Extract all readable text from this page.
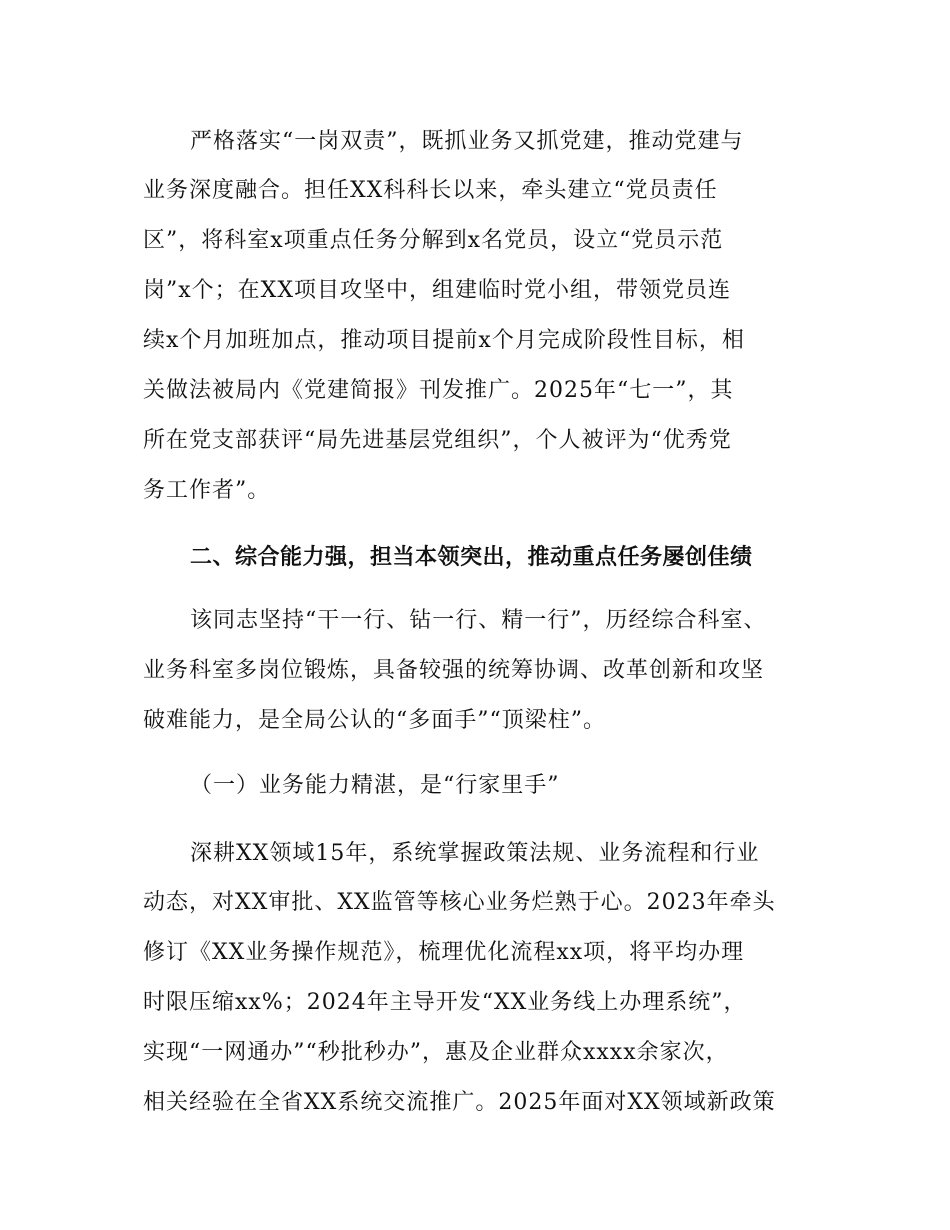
严格落实“一岗双责”，既抓业务又抓党建，推动党建与
业务深度融合。担任XX科科长以来，牵头建立“党员责任
区”，将科室x项重点任务分解到x名党员，设立“党员示范
岗”x个；在XX项目攻坚中，组建临时党小组，带领党员连
续x个月加班加点，推动项目提前x个月完成阶段性目标，相
关做法被局内《党建简报》刊发推广。2025年“七一”，其
所在党支部获评“局先进基层党组织”，个人被评为“优秀党
务工作者”。
二、综合能力强，担当本领突出，推动重点任务屡创佳绩
该同志坚持“干一行、钻一行、精一行”，历经综合科室、
业务科室多岗位锻炼，具备较强的统筹协调、改革创新和攻坚
破难能力，是全局公认的“多面手”“顶梁柱”。
（一）业务能力精湛，是“行家里手”
深耕XX领域15年，系统掌握政策法规、业务流程和行业
动态，对XX审批、XX监管等核心业务烂熟于心。2023年牵头
修订《XX业务操作规范》，梳理优化流程xx项，将平均办理
时限压缩xx%；2024年主导开发“XX业务线上办理系统”，
实现“一网通办”“秒批秒办”，惠及企业群众xxxx余家次，
相关经验在全省XX系统交流推广。2025年面对XX领域新政策
